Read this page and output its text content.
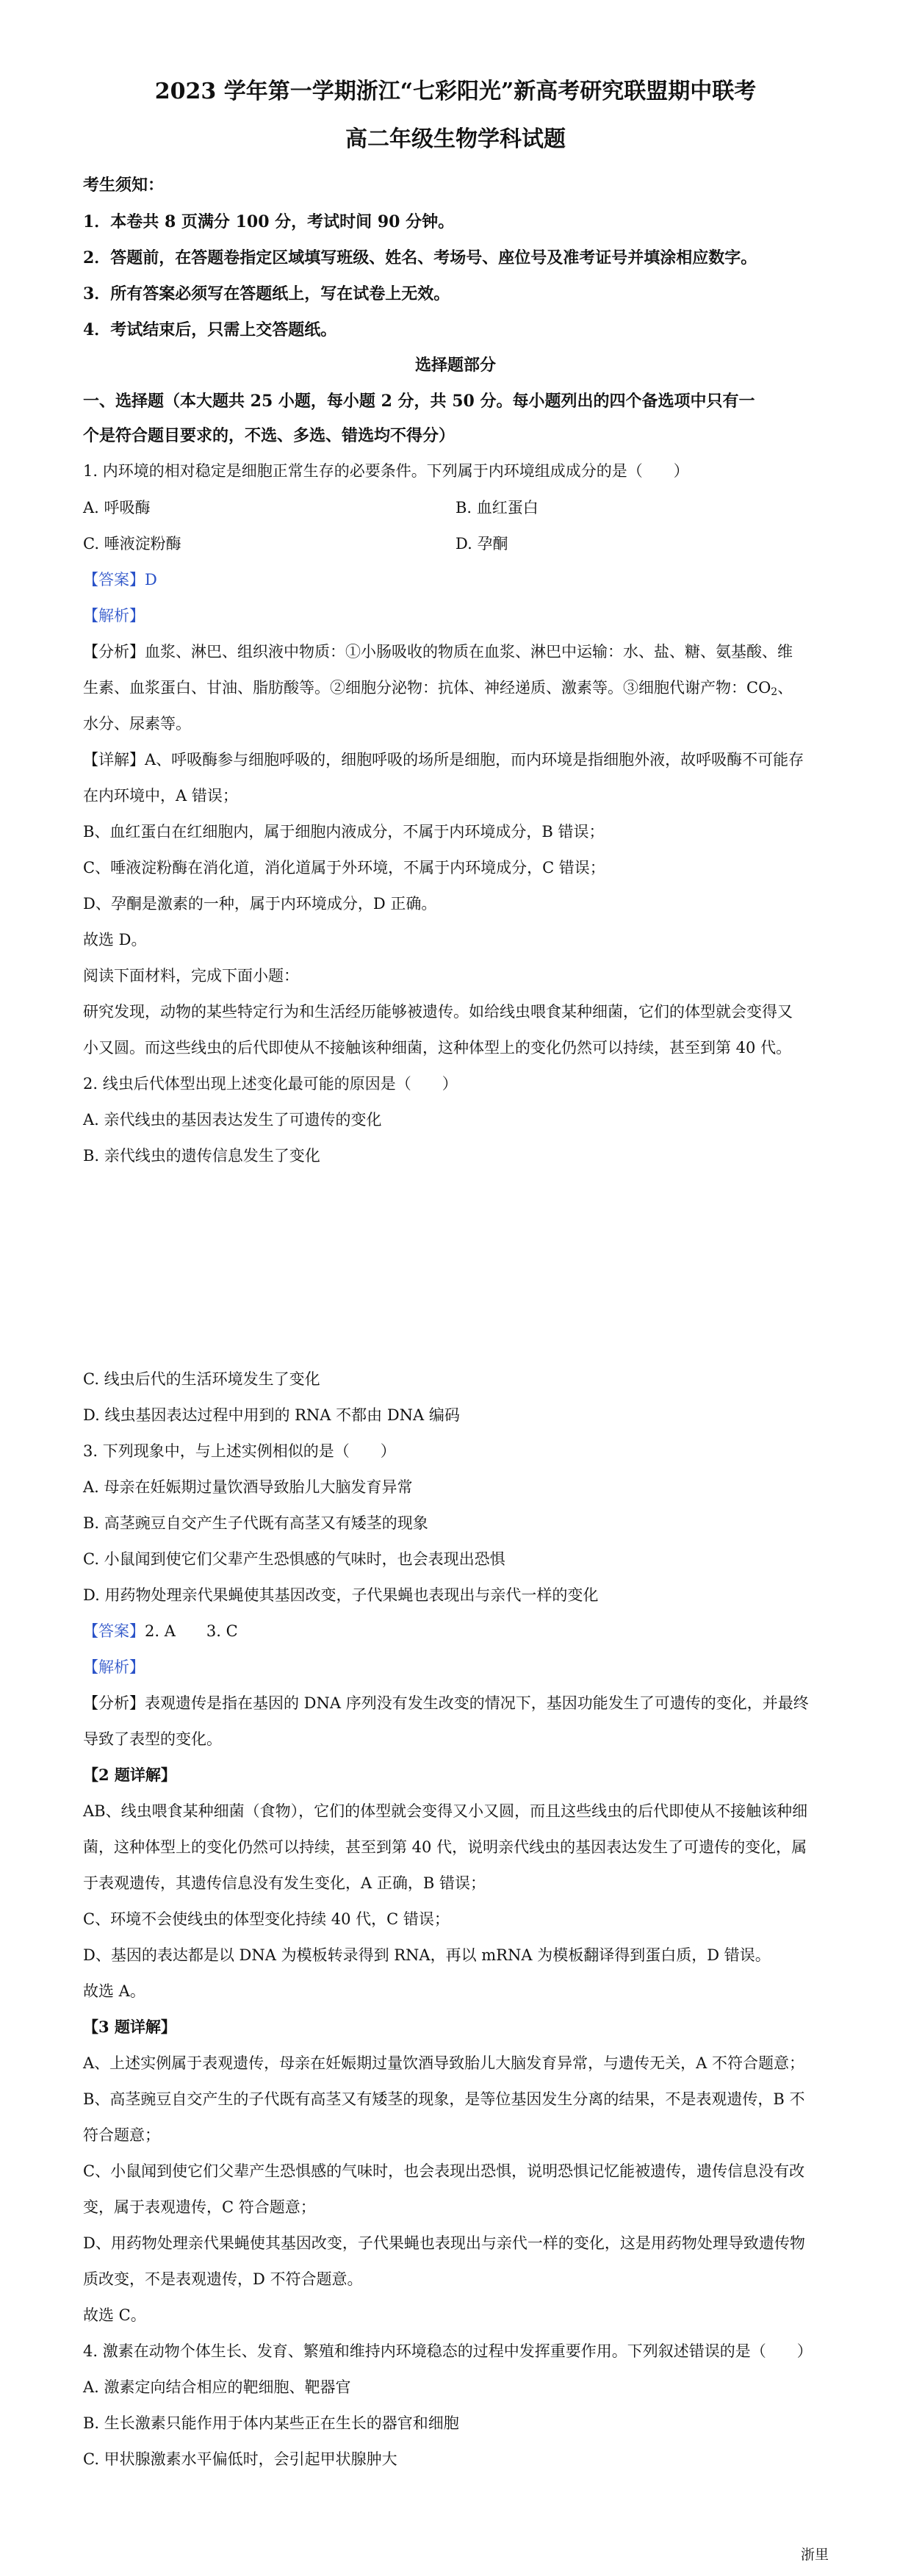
2023 学年第一学期浙江“七彩阳光”新高考研究联盟期中联考
高二年级生物学科试题
考生须知：
1．本卷共 8 页满分 100 分，考试时间 90 分钟。
2．答题前，在答题卷指定区域填写班级、姓名、考场号、座位号及准考证号并填涂相应数字。
3．所有答案必须写在答题纸上，写在试卷上无效。
4．考试结束后，只需上交答题纸。
选择题部分
一、选择题（本大题共 25 小题，每小题 2 分，共 50 分。每小题列出的四个备选项中只有一
个是符合题目要求的，不选、多选、错选均不得分）
1. 内环境的相对稳定是细胞正常生存的必要条件。下列属于内环境组成成分的是（　　）
A. 呼吸酶	B. 血红蛋白
C. 唾液淀粉酶	D. 孕酮
【答案】D
【解析】
【分析】血浆、淋巴、组织液中物质：①小肠吸收的物质在血浆、淋巴中运输：水、盐、糖、氨基酸、维
生素、血浆蛋白、甘油、脂肪酸等。②细胞分泌物：抗体、神经递质、激素等。③细胞代谢产物：$CO_2$、
水分、尿素等。
【详解】A、呼吸酶参与细胞呼吸的，细胞呼吸的场所是细胞，而内环境是指细胞外液，故呼吸酶不可能存
在内环境中，A 错误；
B、血红蛋白在红细胞内，属于细胞内液成分，不属于内环境成分，B 错误；
C、唾液淀粉酶在消化道，消化道属于外环境，不属于内环境成分，C 错误；
D、孕酮是激素的一种，属于内环境成分，D 正确。
故选 D。
阅读下面材料，完成下面小题：
研究发现，动物的某些特定行为和生活经历能够被遗传。如给线虫喂食某种细菌，它们的体型就会变得又
小又圆。而这些线虫的后代即使从不接触该种细菌，这种体型上的变化仍然可以持续，甚至到第 40 代。
2. 线虫后代体型出现上述变化最可能的原因是（　　）
A. 亲代线虫的基因表达发生了可遗传的变化
B. 亲代线虫的遗传信息发生了变化
C. 线虫后代的生活环境发生了变化
D. 线虫基因表达过程中用到的 RNA 不都由 DNA 编码
3. 下列现象中，与上述实例相似的是（　　）
A. 母亲在妊娠期过量饮酒导致胎儿大脑发育异常
B. 高茎豌豆自交产生子代既有高茎又有矮茎的现象
C. 小鼠闻到使它们父辈产生恐惧感的气味时，也会表现出恐惧
D. 用药物处理亲代果蝇使其基因改变，子代果蝇也表现出与亲代一样的变化
【答案】2. A　　3. C
【解析】
【分析】表观遗传是指在基因的 DNA 序列没有发生改变的情况下，基因功能发生了可遗传的变化，并最终
导致了表型的变化。
【2 题详解】
AB、线虫喂食某种细菌（食物），它们的体型就会变得又小又圆，而且这些线虫的后代即使从不接触该种细
菌，这种体型上的变化仍然可以持续，甚至到第 40 代，说明亲代线虫的基因表达发生了可遗传的变化，属
于表观遗传，其遗传信息没有发生变化，A 正确，B 错误；
C、环境不会使线虫的体型变化持续 40 代，C 错误；
D、基因的表达都是以 DNA 为模板转录得到 RNA，再以 mRNA 为模板翻译得到蛋白质，D 错误。
故选 A。
【3 题详解】
A、上述实例属于表观遗传，母亲在妊娠期过量饮酒导致胎儿大脑发育异常，与遗传无关，A 不符合题意；
B、高茎豌豆自交产生的子代既有高茎又有矮茎的现象，是等位基因发生分离的结果，不是表观遗传，B 不
符合题意；
C、小鼠闻到使它们父辈产生恐惧感的气味时，也会表现出恐惧，说明恐惧记忆能被遗传，遗传信息没有改
变，属于表观遗传，C 符合题意；
D、用药物处理亲代果蝇使其基因改变，子代果蝇也表现出与亲代一样的变化，这是用药物处理导致遗传物
质改变，不是表观遗传，D 不符合题意。
故选 C。
4. 激素在动物个体生长、发育、繁殖和维持内环境稳态的过程中发挥重要作用。下列叙述错误的是（　　）
A. 激素定向结合相应的靶细胞、靶器官
B. 生长激素只能作用于体内某些正在生长的器官和细胞
C. 甲状腺激素水平偏低时，会引起甲状腺肿大
浙里
